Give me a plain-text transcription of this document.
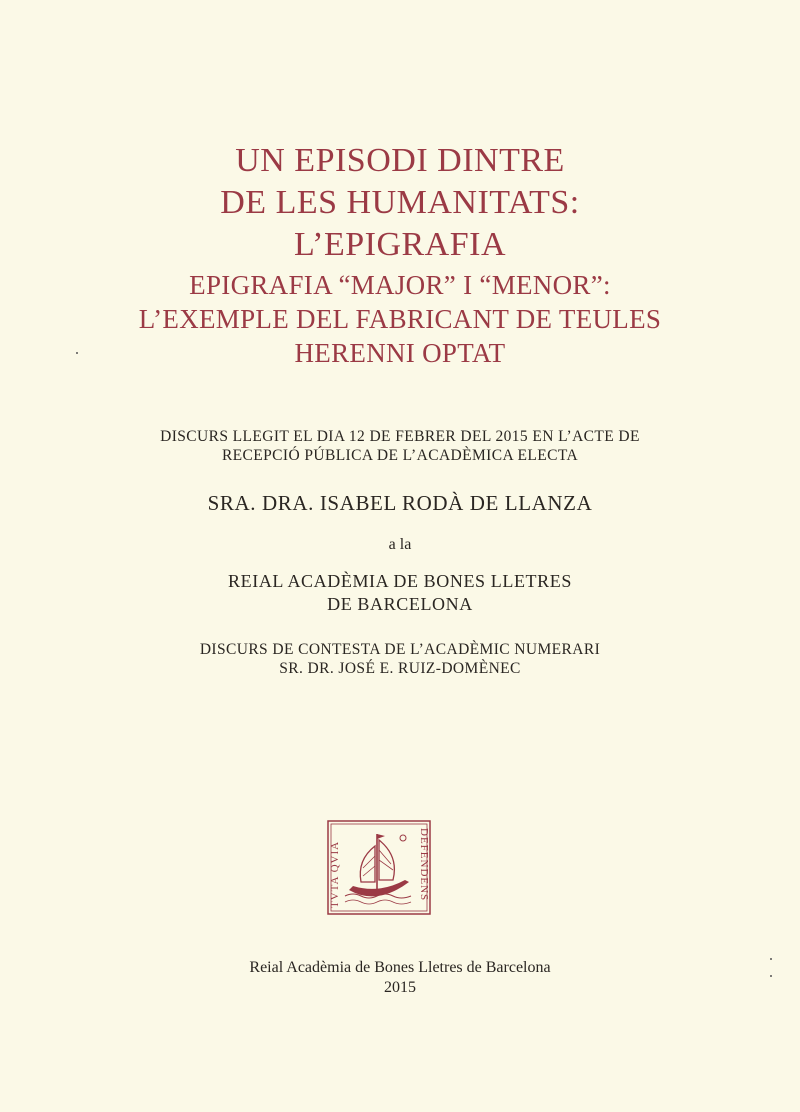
UN EPISODI DINTRE
DE LES HUMANITATS:
L’EPIGRAFIA
EPIGRAFIA “MAJOR” I “MENOR”:
L’EXEMPLE DEL FABRICANT DE TEULES
HERENNI OPTAT
DISCURS LLEGIT EL DIA 12 DE FEBRER DEL 2015 EN L’ACTE DE
RECEPCIÓ PÚBLICA DE L’ACADÈMICA ELECTA
SRA. DRA. ISABEL RODÀ DE LLANZA
a la
REIAL ACADÈMIA DE BONES LLETRES
DE BARCELONA
DISCURS DE CONTESTA DE L’ACADÈMIC NUMERARI
SR. DR. JOSÉ E. RUIZ-DOMÈNEC
TVTA QVIA	DEFENDENS
Reial Acadèmia de Bones Lletres de Barcelona
2015
